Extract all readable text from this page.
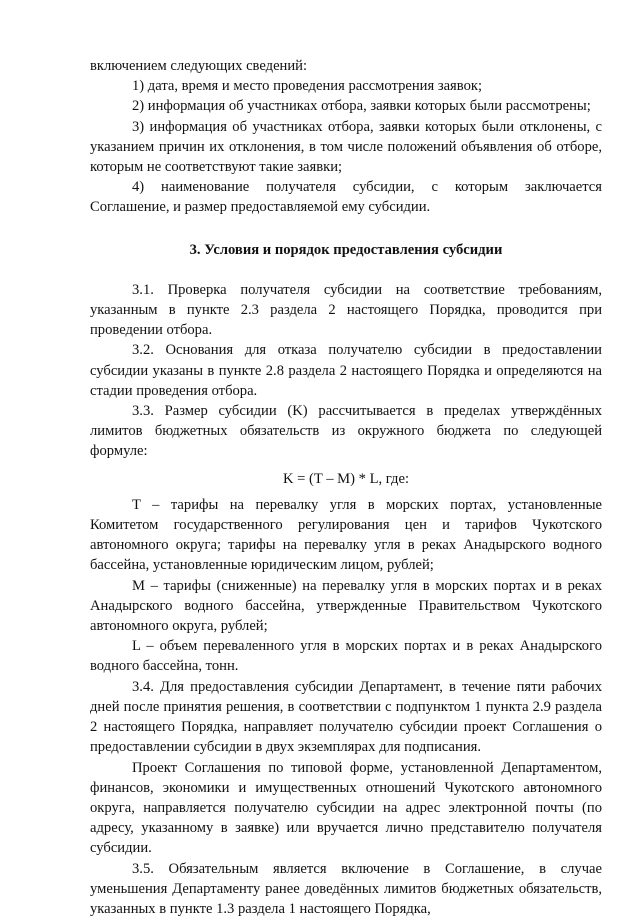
включением следующих сведений:

1) дата, время и место проведения рассмотрения заявок;

2) информация об участниках отбора, заявки которых были рассмотрены;

3) информация об участниках отбора, заявки которых были отклонены, с указанием причин их отклонения, в том числе положений объявления об отборе, которым не соответствуют такие заявки;

4) наименование получателя субсидии, с которым заключается Соглашение, и размер предоставляемой ему субсидии.

3. Условия и порядок предоставления субсидии

3.1. Проверка получателя субсидии на соответствие требованиям, указанным в пункте 2.3 раздела 2 настоящего Порядка, проводится при проведении отбора.

3.2. Основания для отказа получателю субсидии в предоставлении субсидии указаны в пункте 2.8 раздела 2 настоящего Порядка и определяются на стадии проведения отбора.

3.3. Размер субсидии (K) рассчитывается в пределах утверждённых лимитов бюджетных обязательств из окружного бюджета по следующей формуле:

K = (T – M) * L, где:

T – тарифы на перевалку угля в морских портах, установленные Комитетом государственного регулирования цен и тарифов Чукотского автономного округа; тарифы на перевалку угля в реках Анадырского водного бассейна, установленные юридическим лицом, рублей;

M – тарифы (сниженные) на перевалку угля в морских портах и в реках Анадырского водного бассейна, утвержденные Правительством Чукотского автономного округа, рублей;

L – объем переваленного угля в морских портах и в реках Анадырского водного бассейна, тонн.

3.4. Для предоставления субсидии Департамент, в течение пяти рабочих дней после принятия решения, в соответствии с подпунктом 1 пункта 2.9 раздела 2 настоящего Порядка, направляет получателю субсидии проект Соглашения о предоставлении субсидии в двух экземплярах для подписания.

Проект Соглашения по типовой форме, установленной Департаментом, финансов, экономики и имущественных отношений Чукотского автономного округа, направляется получателю субсидии на адрес электронной почты (по адресу, указанному в заявке) или вручается лично представителю получателя субсидии.

3.5. Обязательным является включение в Соглашение, в случае уменьшения Департаменту ранее доведённых лимитов бюджетных обязательств, указанных в пункте 1.3 раздела 1 настоящего Порядка,
